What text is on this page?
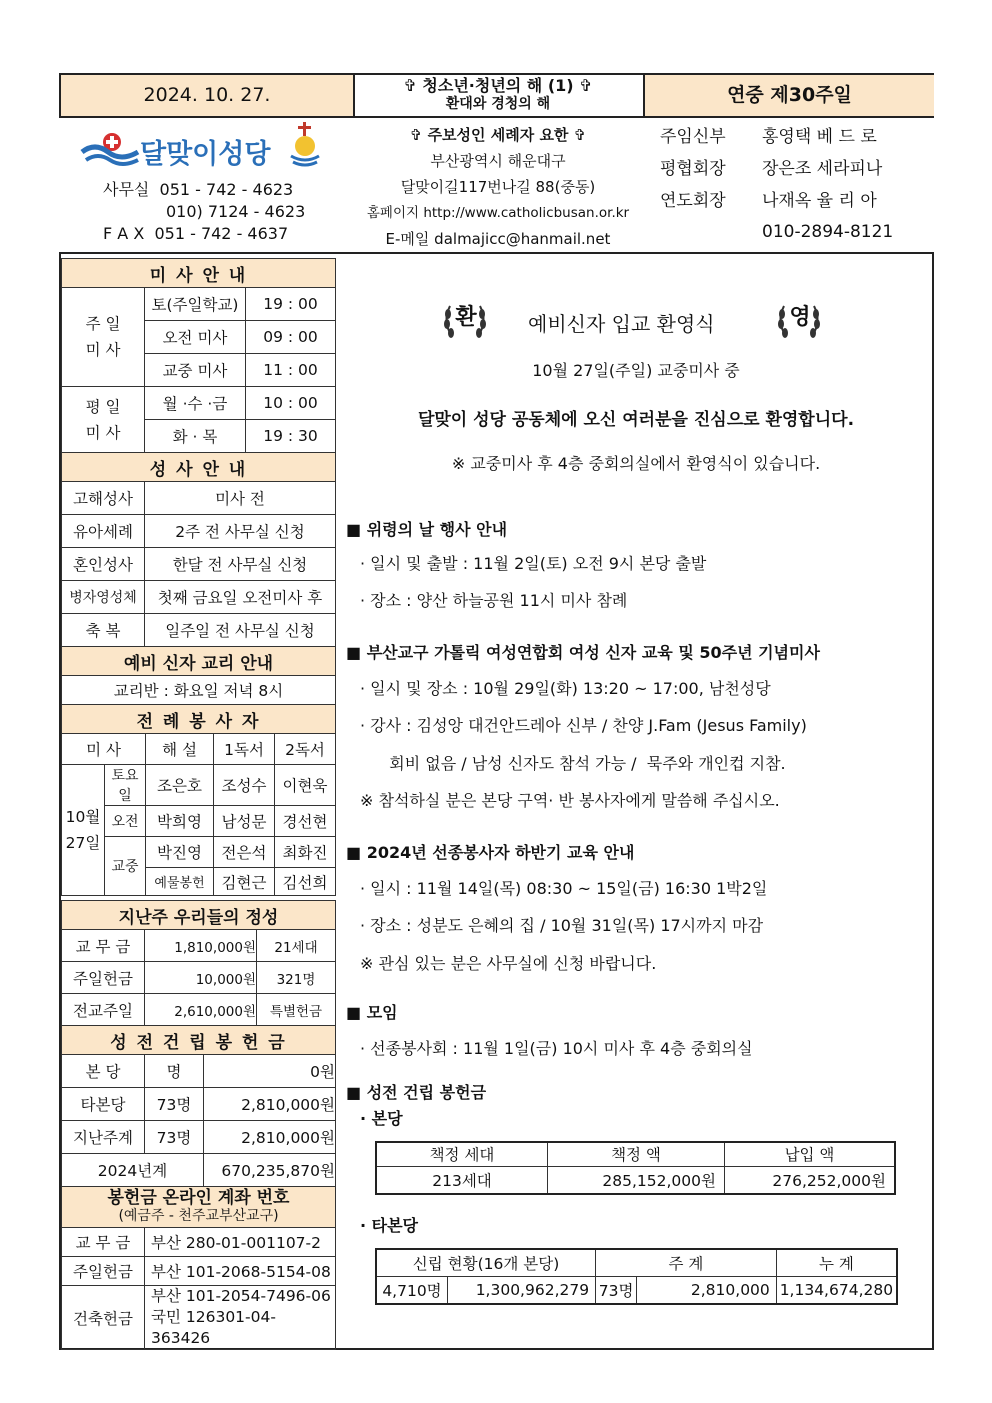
2024. 10. 27.	✞ 청소년·청년의 해 (1) ✞
환대와 경청의 해	연중 제30주일
달맞이성당
사무실 051 - 742 - 4623
010) 7124 - 4623
F A X 051 - 742 - 4637
✞ 주보성인 세례자 요한 ✞
부산광역시 해운대구
달맞이길117번나길 88(중동)
홈페이지 http://www.catholicbusan.or.kr
E-메일 dalmajicc@hanmail.net
주임신부 홍영택 베 드 로
평협회장 장은조 세라피나
연도회장 나재옥 율 리 아
010-2894-8121
미 사 안 내		
주 일
미 사	토(주일학교)	19 : 00
	오전 미사	09 : 00
	교중 미사	11 : 00
평 일
미 사	월 ·수 ·금	10 : 00
	화 · 목	19 : 30
성 사 안 내	
고해성사	미사 전
유아세례	2주 전 사무실 신청
혼인성사	한달 전 사무실 신청
병자영성체	첫째 금요일 오전미사 후
축 복	일주일 전 사무실 신청
예비 신자 교리 안내
교리반 : 화요일 저녁 8시
전 례 봉 사 자				
미 사		해 설	1독서	2독서
10월
27일	토요일	조은호	조성수	이현욱
	오전	박희영	남성문	경선현
	교중	박진영	전은석	최화진
		예물봉헌	김현근	김선희
지난주 우리들의 정성		
교 무 금	1,810,000원	21세대
주일헌금	10,000원	321명
전교주일	2,610,000원	특별헌금
성 전 건 립 봉 헌 금		
본 당	명	0원
타본당	73명	2,810,000원
지난주계	73명	2,810,000원
2024년계		670,235,870원
봉헌금 온라인 계좌 번호
(예금주 - 천주교부산교구)	

교 무 금	부산 280-01-001107-2
주일헌금	부산 101-2068-5154-08
건축헌금	부산 101-2054-7496-06
국민 126301-04-363426
환	예비신자 입교 환영식	영
10월 27일(주일) 교중미사 중
달맞이 성당 공동체에 오신 여러분을 진심으로 환영합니다.
※ 교중미사 후 4층 중회의실에서 환영식이 있습니다.
■ 위령의 날 행사 안내
· 일시 및 출발 : 11월 2일(토) 오전 9시 본당 출발
· 장소 : 양산 하늘공원 11시 미사 참례
■ 부산교구 가톨릭 여성연합회 여성 신자 교육 및 50주년 기념미사
· 일시 및 장소 : 10월 29일(화) 13:20 ~ 17:00, 남천성당
· 강사 : 김성앙 대건안드레아 신부 / 찬양 J.Fam (Jesus Family)
회비 없음 / 남성 신자도 참석 가능 /  묵주와 개인컵 지참.
※ 참석하실 분은 본당 구역· 반 봉사자에게 말씀해 주십시오.
■ 2024년 선종봉사자 하반기 교육 안내
· 일시 : 11월 14일(목) 08:30 ~ 15일(금) 16:30 1박2일
· 장소 : 성분도 은혜의 집 / 10월 31일(목) 17시까지 마감
※ 관심 있는 분은 사무실에 신청 바랍니다.
■ 모임
· 선종봉사회 : 11월 1일(금) 10시 미사 후 4층 중회의실
■ 성전 건립 봉헌금
· 본당
책정 세대	책정 액	납입 액
213세대	285,152,000원	276,252,000원
· 타본당
신립 현황(16개 본당)		주 계		누 계
4,710명	1,300,962,279	73명	2,810,000	1,134,674,280
